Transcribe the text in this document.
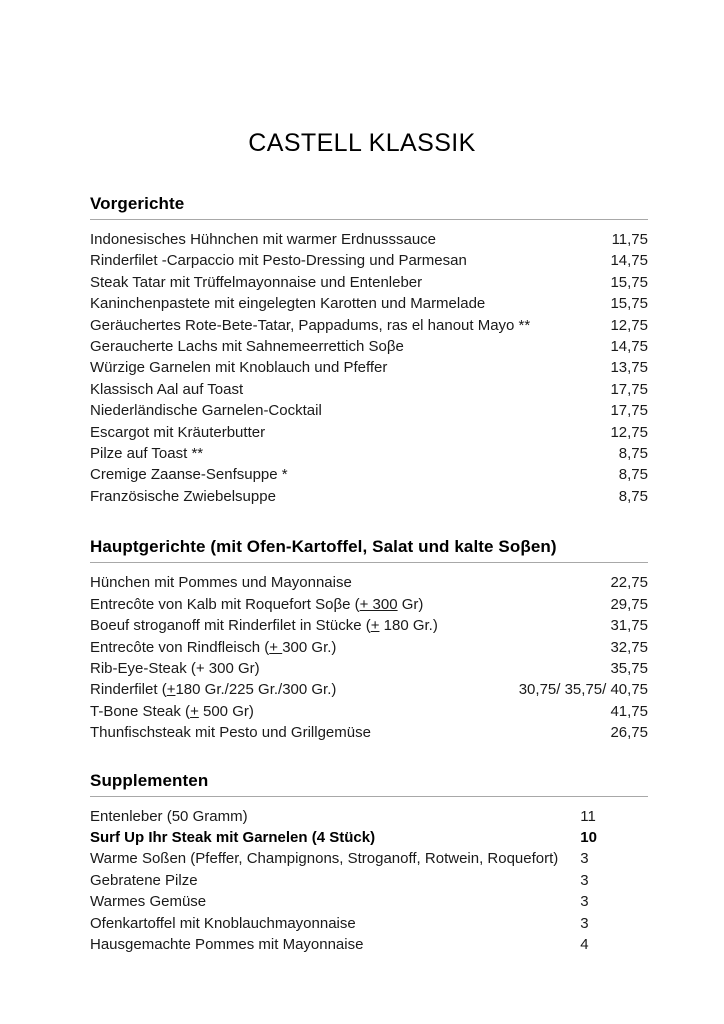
CASTELL KLASSIK
Vorgerichte
Indonesisches Hühnchen mit warmer Erdnusssauce	11,75
Rinderfilet -Carpaccio mit Pesto-Dressing und Parmesan	14,75
Steak Tatar mit Trüffelmayonnaise und Entenleber	15,75
Kaninchenpastete mit eingelegten Karotten und Marmelade	15,75
Geräuchertes Rote-Bete-Tatar, Pappadums, ras el hanout Mayo **	12,75
Geraucherte Lachs mit Sahnemeerrettich Soβe	14,75
Würzige Garnelen mit Knoblauch und Pfeffer	13,75
Klassisch Aal auf Toast	17,75
Niederländische Garnelen-Cocktail	17,75
Escargot mit Kräuterbutter	12,75
Pilze auf Toast **	8,75
Cremige Zaanse-Senfsuppe *	8,75
Französische Zwiebelsuppe	8,75
Hauptgerichte (mit Ofen-Kartoffel, Salat und kalte Soβen)
Hünchen mit Pommes und Mayonnaise	22,75
Entrecôte von Kalb mit Roquefort Soβe (+ 300 Gr)	29,75
Boeuf stroganoff mit Rinderfilet in Stücke (+ 180 Gr.)	31,75
Entrecôte von Rindfleisch (+ 300 Gr.)	32,75
Rib-Eye-Steak (+ 300 Gr)	35,75
Rinderfilet (+180 Gr./225 Gr./300 Gr.)	30,75/ 35,75/ 40,75
T-Bone Steak (+ 500 Gr)	41,75
Thunfischsteak mit Pesto und Grillgemüse	26,75
Supplementen
Entenleber (50 Gramm)	11
Surf Up Ihr Steak mit Garnelen (4 Stück)	10
Warme Soßen (Pfeffer, Champignons, Stroganoff, Rotwein, Roquefort)	3
Gebratene Pilze	3
Warmes Gemüse	3
Ofenkartoffel mit Knoblauchmayonnaise	3
Hausgemachte Pommes mit Mayonnaise	4
